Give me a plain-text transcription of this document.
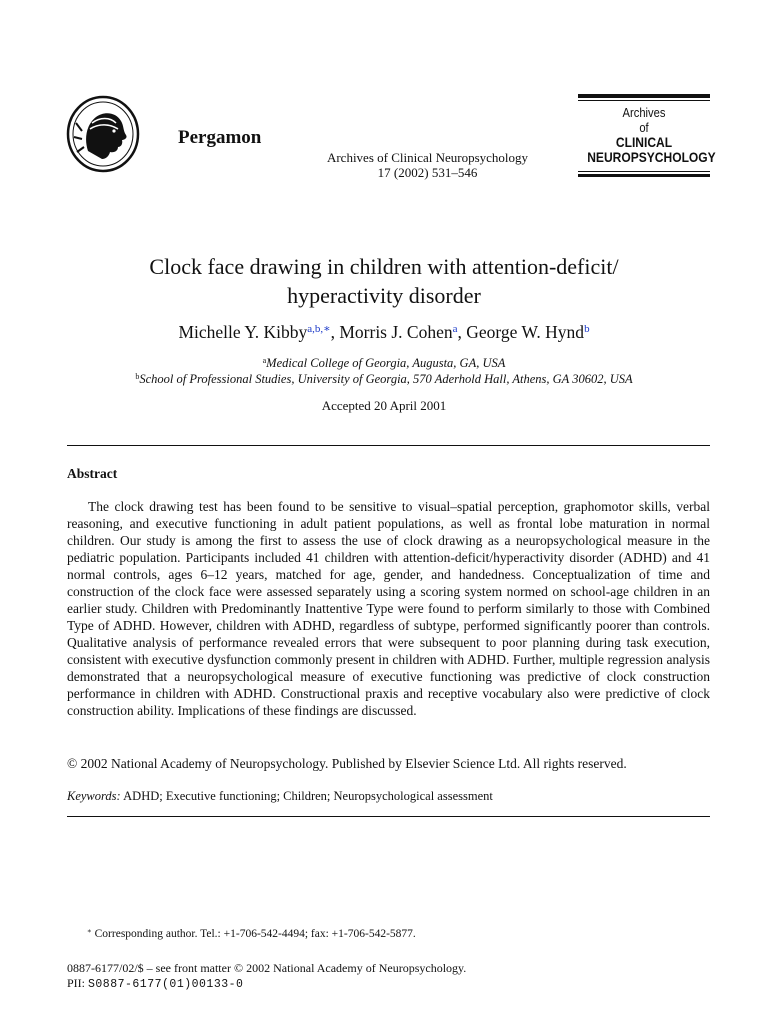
Pergamon
Archives of Clinical Neuropsychology
17 (2002) 531–546
Archives
of
CLINICAL
NEUROPSYCHOLOGY
Clock face drawing in children with attention-deficit/
hyperactivity disorder
Michelle Y. Kibby$^{a,b,∗}$, Morris J. Cohen$^a$, George W. Hynd$^b$
$^a$Medical College of Georgia, Augusta, GA, USA
$^b$School of Professional Studies, University of Georgia, 570 Aderhold Hall, Athens, GA 30602, USA
Accepted 20 April 2001
Abstract

The clock drawing test has been found to be sensitive to visual–spatial perception, graphomotor skills, verbal reasoning, and executive functioning in adult patient populations, as well as frontal lobe maturation in normal children. Our study is among the first to assess the use of clock drawing as a neuropsychological measure in the pediatric population. Participants included 41 children with attention-deficit/hyperactivity disorder (ADHD) and 41 normal controls, ages 6–12 years, matched for age, gender, and handedness. Conceptualization of time and construction of the clock face were assessed separately using a scoring system normed on school-age children in an earlier study. Children with Predominantly Inattentive Type were found to perform similarly to those with Combined Type of ADHD. However, children with ADHD, regardless of subtype, performed significantly poorer than controls. Qualitative analysis of performance revealed errors that were subsequent to poor planning during task execution, consistent with executive dysfunction commonly present in children with ADHD. Further, multiple regression analysis demonstrated that a neuropsychological measure of executive functioning was predictive of clock construction performance in children with ADHD. Constructional praxis and receptive vocabulary also were predictive of clock construction ability. Implications of these findings are discussed.

© 2002 National Academy of Neuropsychology. Published by Elsevier Science Ltd. All rights reserved.
Keywords: ADHD; Executive functioning; Children; Neuropsychological assessment
∗ Corresponding author. Tel.: +1-706-542-4494; fax: +1-706-542-5877.
0887-6177/02/$ – see front matter © 2002 National Academy of Neuropsychology.
PII: S0887-6177(01)00133-0
